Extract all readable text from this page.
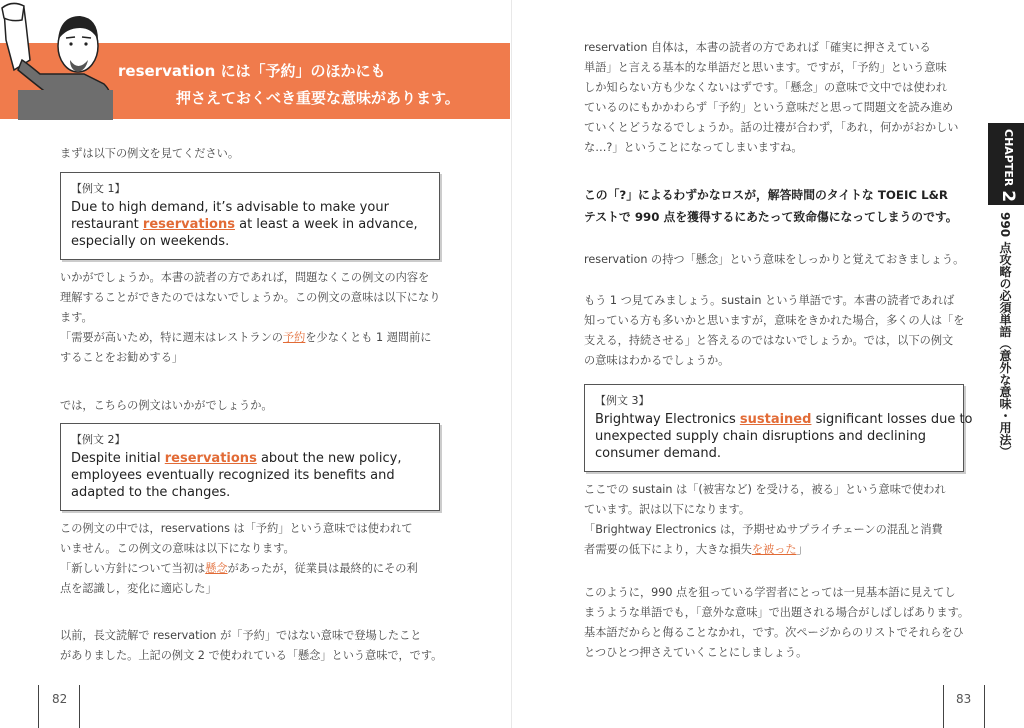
reservation には「予約」のほかにも
押さえておくべき重要な意味があります。
まずは以下の例文を見てください。
【例文 1】
Due to high demand, it’s advisable to make your
restaurant reservations at least a week in advance,
especially on weekends.
いかがでしょうか。本書の読者の方であれば，問題なくこの例文の内容を
理解することができたのではないでしょうか。この例文の意味は以下になり
ます。
「需要が高いため，特に週末はレストランの予約を少なくとも 1 週間前に
することをお勧めする」
では，こちらの例文はいかがでしょうか。
【例文 2】
Despite initial reservations about the new policy,
employees eventually recognized its benefits and
adapted to the changes.
この例文の中では，reservations は「予約」という意味では使われて
いません。この例文の意味は以下になります。
「新しい方針について当初は懸念があったが，従業員は最終的にその利
点を認識し，変化に適応した」
以前，長文読解で reservation が「予約」ではない意味で登場したこと
がありました。上記の例文 2 で使われている「懸念」という意味で，です。
82
reservation 自体は，本書の読者の方であれば「確実に押さえている
単語」と言える基本的な単語だと思います。ですが，「予約」という意味
しか知らない方も少なくないはずです。「懸念」の意味で文中では使われ
ているのにもかかわらず「予約」という意味だと思って問題文を読み進め
ていくとどうなるでしょうか。話の辻褄が合わず，「あれ，何かがおかしい
な…?」ということになってしまいますね。
この「?」によるわずかなロスが，解答時間のタイトな TOEIC L&R
テストで 990 点を獲得するにあたって致命傷になってしまうのです。
reservation の持つ「懸念」という意味をしっかりと覚えておきましょう。
もう 1 つ見てみましょう。sustain という単語です。本書の読者であれば
知っている方も多いかと思いますが，意味をきかれた場合，多くの人は「を
支える，持続させる」と答えるのではないでしょうか。では，以下の例文
の意味はわかるでしょうか。
【例文 3】
Brightway Electronics sustained significant losses due to
unexpected supply chain disruptions and declining
consumer demand.
ここでの sustain は「(被害など) を受ける，被る」という意味で使われ
ています。訳は以下になります。
「Brightway Electronics は，予期せぬサプライチェーンの混乱と消費
者需要の低下により，大きな損失を被った」
このように，990 点を狙っている学習者にとっては一見基本語に見えてし
まうような単語でも，「意外な意味」で出題される場合がしばしばあります。
基本語だからと侮ることなかれ，です。次ページからのリストでそれらをひ
とつひとつ押さえていくことにしましょう。
CHAPTER 2
990 点攻略の必須単語（意外な意味・用法）
83
